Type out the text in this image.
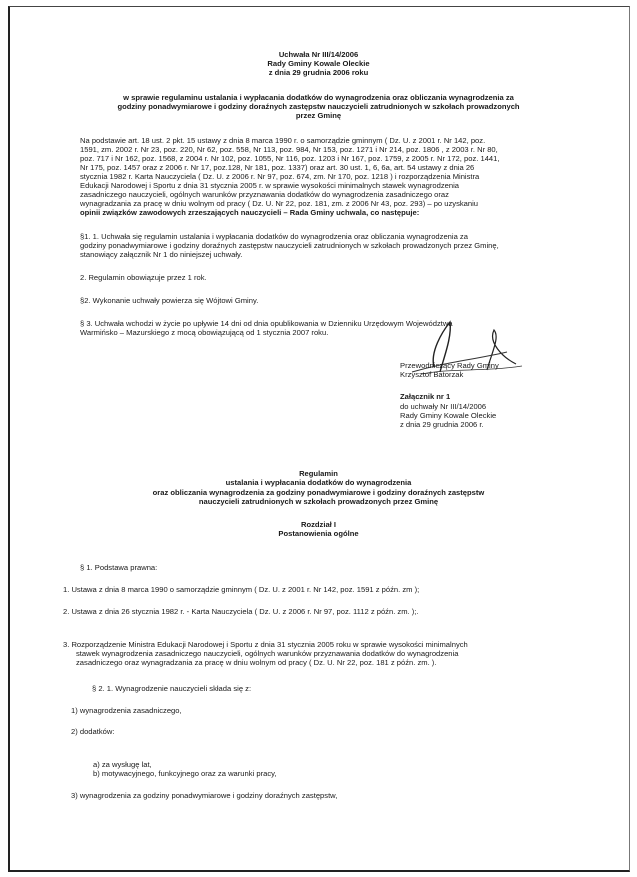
Uchwała Nr III/14/2006
Rady Gminy Kowale Oleckie
z dnia 29 grudnia 2006 roku
w sprawie regulaminu ustalania i wypłacania dodatków do wynagrodzenia oraz obliczania wynagrodzenia za
godziny ponadwymiarowe i godziny doraźnych zastępstw nauczycieli zatrudnionych w szkołach prowadzonych
przez Gminę
Na podstawie art. 18 ust. 2 pkt. 15 ustawy z dnia 8 marca 1990 r. o samorządzie gminnym ( Dz. U. z 2001 r. Nr 142, poz.
1591, zm. 2002 r. Nr 23, poz. 220, Nr 62, poz. 558, Nr 113, poz. 984, Nr 153, poz. 1271 i Nr 214, poz. 1806 , z 2003 r. Nr 80,
poz. 717 i Nr 162, poz. 1568, z 2004 r. Nr 102, poz. 1055, Nr 116, poz. 1203 i Nr 167, poz. 1759, z 2005 r. Nr 172, poz. 1441,
Nr 175, poz. 1457 oraz z 2006 r. Nr 17, poz.128, Nr 181, poz. 1337) oraz art. 30 ust. 1, 6, 6a, art. 54 ustawy z dnia 26
stycznia 1982 r. Karta Nauczyciela ( Dz. U. z 2006 r. Nr 97, poz. 674, zm. Nr 170, poz. 1218 ) i rozporządzenia Ministra
Edukacji Narodowej i Sportu z dnia 31 stycznia 2005 r. w sprawie wysokości minimalnych stawek wynagrodzenia
zasadniczego nauczycieli, ogólnych warunków przyznawania dodatków do wynagrodzenia zasadniczego oraz
wynagradzania za pracę w dniu wolnym od pracy ( Dz. U. Nr 22, poz. 181, zm. z 2006 Nr 43, poz. 293) – po uzyskaniu
opinii związków zawodowych zrzeszających nauczycieli – Rada Gminy uchwala, co następuje:
§1. 1. Uchwała się regulamin ustalania i wypłacania dodatków do wynagrodzenia oraz obliczania wynagrodzenia za
godziny ponadwymiarowe i godziny doraźnych zastępstw nauczycieli zatrudnionych w szkołach prowadzonych przez Gminę,
stanowiący załącznik Nr 1 do niniejszej uchwały.
2. Regulamin obowiązuje przez 1 rok.
§2. Wykonanie uchwały powierza się Wójtowi Gminy.
§ 3. Uchwała wchodzi w życie po upływie 14 dni od dnia opublikowania w Dzienniku Urzędowym Województwa
Warmińsko – Mazurskiego z mocą obowiązującą od 1 stycznia 2007 roku.
Przewodniczący Rady Gminy
Krzysztof Batorzak
Załącznik nr 1
do uchwały Nr III/14/2006
Rady Gminy Kowale Oleckie
z dnia 29 grudnia 2006 r.
Regulamin
ustalania i wypłacania dodatków do wynagrodzenia
oraz obliczania wynagrodzenia za godziny ponadwymiarowe i godziny doraźnych zastępstw
nauczycieli zatrudnionych w szkołach prowadzonych przez Gminę
Rozdział I
Postanowienia ogólne
§ 1. Podstawa prawna:
1. Ustawa z dnia 8 marca 1990 o samorządzie gminnym ( Dz. U. z 2001 r. Nr 142, poz. 1591 z późn. zm );
2. Ustawa z dnia 26 stycznia 1982 r. - Karta Nauczyciela ( Dz. U. z 2006 r. Nr 97, poz. 1112 z późn. zm. );.
3. Rozporządzenie Ministra Edukacji Narodowej i Sportu z dnia 31 stycznia 2005 roku w sprawie wysokości minimalnych
stawek wynagrodzenia zasadniczego nauczycieli, ogólnych warunków przyznawania dodatków do wynagrodzenia
zasadniczego oraz wynagradzania za pracę w dniu wolnym od pracy ( Dz. U. Nr 22, poz. 181 z późn. zm. ).
§ 2. 1. Wynagrodzenie nauczycieli składa się z:
1) wynagrodzenia zasadniczego,
2) dodatków:
a) za wysługę lat,
b) motywacyjnego, funkcyjnego oraz za warunki pracy,
3) wynagrodzenia za godziny ponadwymiarowe i godziny doraźnych zastępstw,
